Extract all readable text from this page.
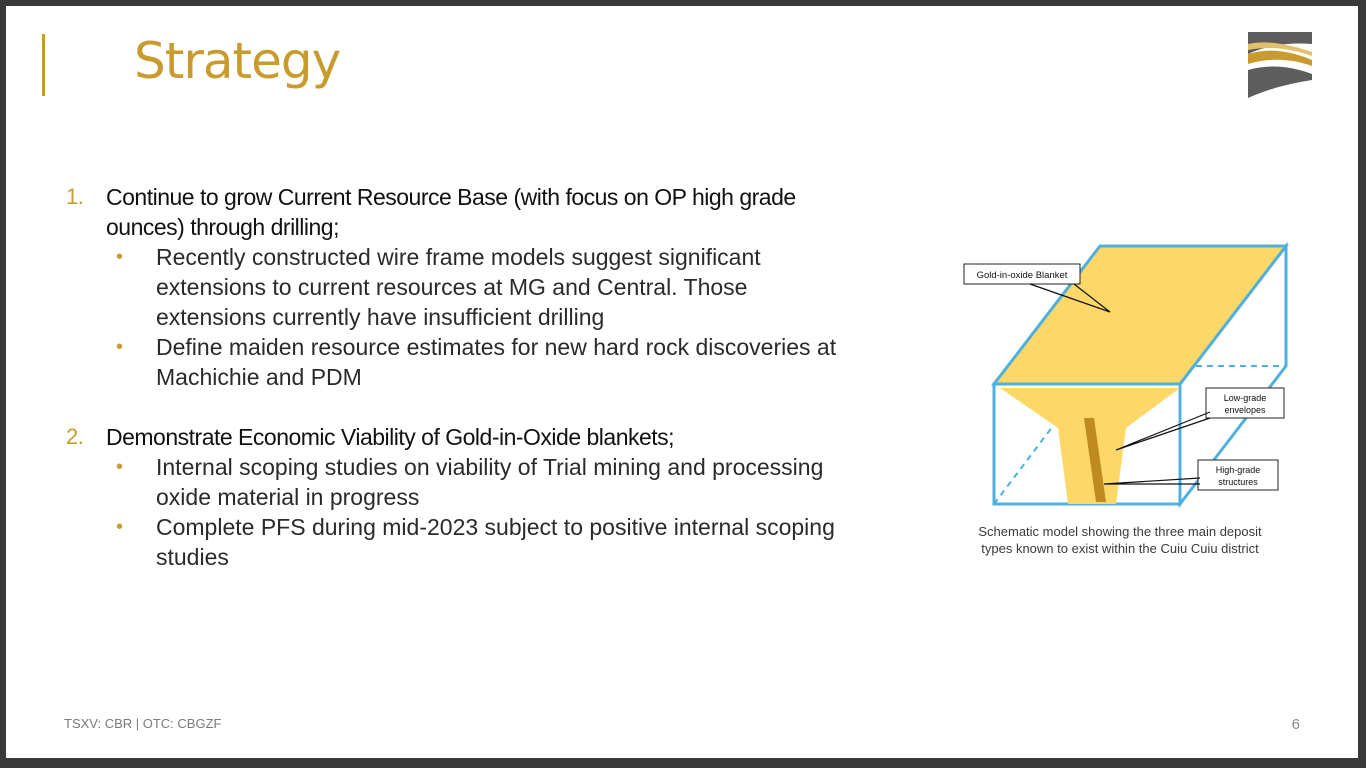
Strategy
1. Continue to grow Current Resource Base (with focus on OP high grade
ounces) through drilling;
• Recently constructed wire frame models suggest significant
extensions to current resources at MG and Central. Those
extensions currently have insufficient drilling
• Define maiden resource estimates for new hard rock discoveries at
Machichie and PDM
2. Demonstrate Economic Viability of Gold-in-Oxide blankets;
• Internal scoping studies on viability of Trial mining and processing
oxide material in progress
• Complete PFS during mid-2023 subject to positive internal scoping
studies
Gold-in-oxide Blanket
Low-grade
envelopes
High-grade
structures
Schematic model showing the three main deposit
types known to exist within the Cuiu Cuiu district
TSXV: CBR | OTC: CBGZF	6
